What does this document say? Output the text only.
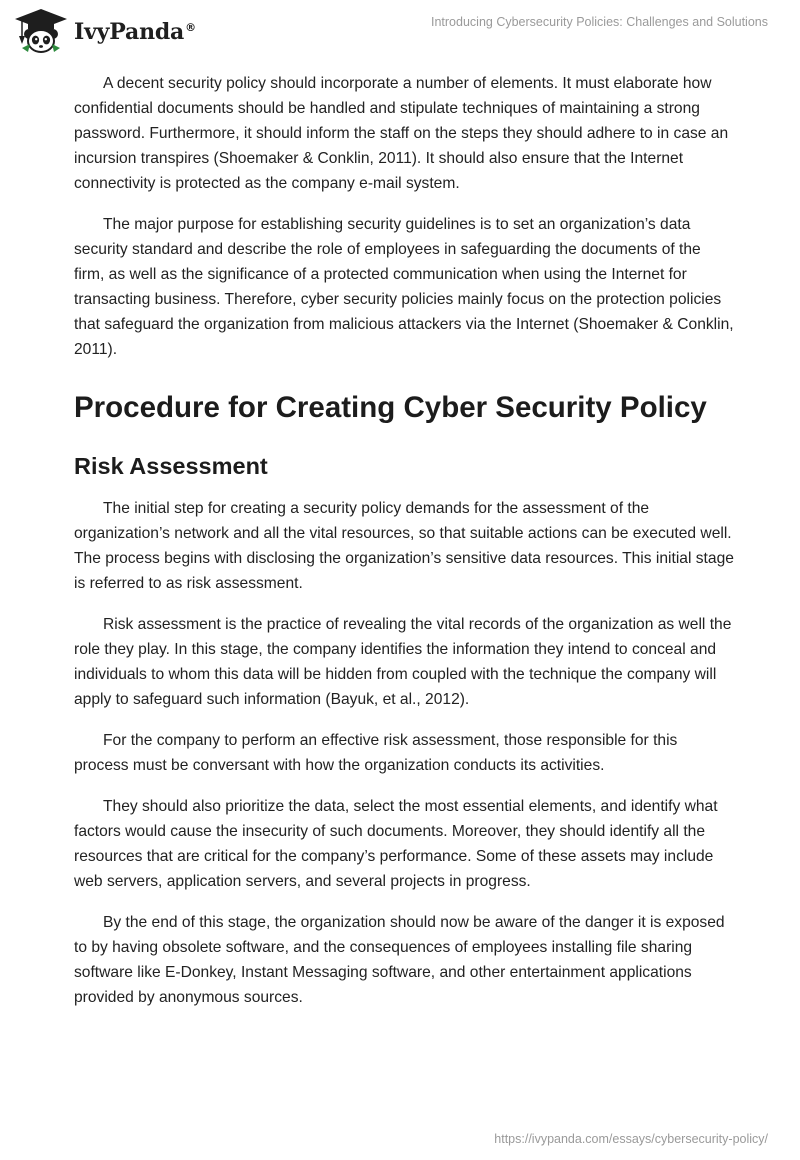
IvyPanda®	Introducing Cybersecurity Policies: Challenges and Solutions

A decent security policy should incorporate a number of elements. It must elaborate how confidential documents should be handled and stipulate techniques of maintaining a strong password. Furthermore, it should inform the staff on the steps they should adhere to in case an incursion transpires (Shoemaker & Conklin, 2011). It should also ensure that the Internet connectivity is protected as the company e-mail system.

The major purpose for establishing security guidelines is to set an organization’s data security standard and describe the role of employees in safeguarding the documents of the firm, as well as the significance of a protected communication when using the Internet for transacting business. Therefore, cyber security policies mainly focus on the protection policies that safeguard the organization from malicious attackers via the Internet (Shoemaker & Conklin, 2011).

Procedure for Creating Cyber Security Policy
Risk Assessment

The initial step for creating a security policy demands for the assessment of the organization’s network and all the vital resources, so that suitable actions can be executed well. The process begins with disclosing the organization’s sensitive data resources. This initial stage is referred to as risk assessment.

Risk assessment is the practice of revealing the vital records of the organization as well the role they play. In this stage, the company identifies the information they intend to conceal and individuals to whom this data will be hidden from coupled with the technique the company will apply to safeguard such information (Bayuk, et al., 2012).

For the company to perform an effective risk assessment, those responsible for this process must be conversant with how the organization conducts its activities.

They should also prioritize the data, select the most essential elements, and identify what factors would cause the insecurity of such documents. Moreover, they should identify all the resources that are critical for the company’s performance. Some of these assets may include web servers, application servers, and several projects in progress.

By the end of this stage, the organization should now be aware of the danger it is exposed to by having obsolete software, and the consequences of employees installing file sharing software like E-Donkey, Instant Messaging software, and other entertainment applications provided by anonymous sources.

https://ivypanda.com/essays/cybersecurity-policy/
